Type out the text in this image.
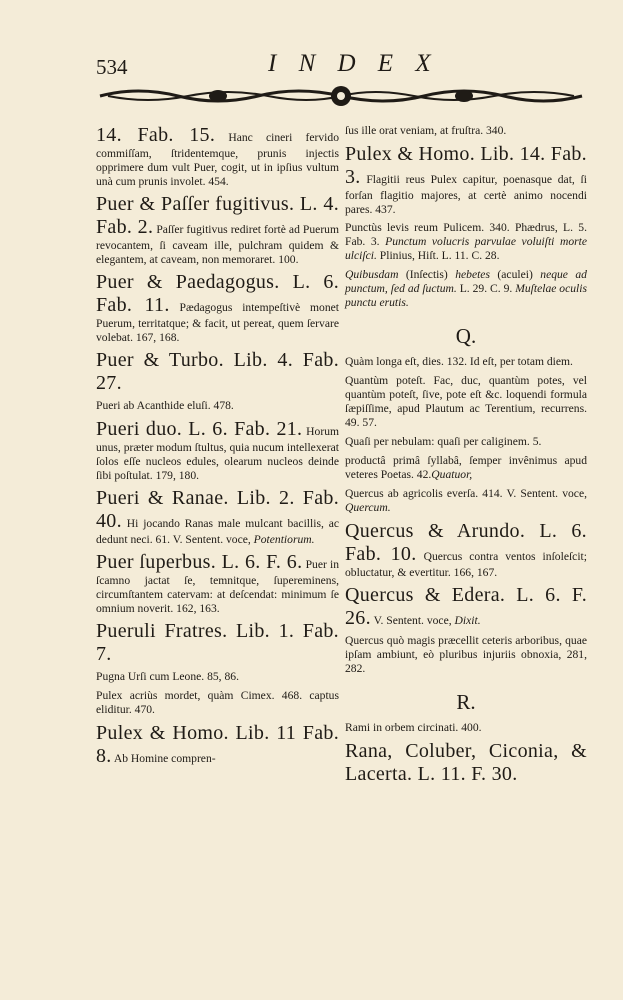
534	I N D E X
14. Fab. 15. Hanc cineri fervido commiſſam, ſtridentemque, prunis injectis opprimere dum vult Puer, cogit, ut in ipſius vultum unà cum prunis involet. 454.
Puer & Paſſer fugitivus. L. 4. Fab. 2. Paſſer fugitivus rediret fortè ad Puerum revocantem, ſi caveam ille, pulchram quidem & elegantem, at caveam, non memoraret. 100.
Puer & Paedagogus. L. 6. Fab. 11. Pædagogus intempeſtivè monet Puerum, territatque; & facit, ut pereat, quem ſervare volebat. 167, 168.
Puer & Turbo. Lib. 4. Fab. 27.
Pueri ab Acanthide eluſi. 478.
Pueri duo. L. 6. Fab. 21. Horum unus, præter modum ſtultus, quia nucum intellexerat ſolos eſſe nucleos edules, olearum nucleos deinde ſibi poſtulat. 179, 180.
Pueri & Ranae. Lib. 2. Fab. 40. Hi jocando Ranas male mulcant bacillis, ac dedunt neci. 61. V. Sentent. voce, Potentiorum.
Puer ſuperbus. L. 6. F. 6. Puer in ſcamno jactat ſe, temnitque, ſupereminens, circumſtantem catervam: at deſcendat: minimum ſe omnium noverit. 162, 163.
Pueruli Fratres. Lib. 1. Fab. 7.
Pugna Urſi cum Leone. 85, 86.
Pulex acriùs mordet, quàm Cimex. 468. captus eliditur. 470.
Pulex & Homo. Lib. 11 Fab. 8. Ab Homine compren-
ſus ille orat veniam, at fruſtra. 340.
Pulex & Homo. Lib. 14. Fab. 3. Flagitii reus Pulex capitur, poenasque dat, ſi forſan flagitio majores, at certè animo nocendi pares. 437.
Punctùs levis reum Pulicem. 340. Phædrus, L. 5. Fab. 3. Punctum volucris parvulae voluiſti morte ulciſci. Plinius, Hiſt. L. 11. C. 28.
Quibusdam (Inſectis) hebetes (aculei) neque ad punctum, ſed ad ſuctum. L. 29. C. 9. Muſtelae oculis punctu erutis.
Q.
Quàm longa eſt, dies. 132. Id eſt, per totam diem.
Quantùm poteſt. Fac, duc, quantùm potes, vel quantùm poteſt, ſive, pote eſt &c. loquendi formula ſæpiſſime, apud Plautum ac Terentium, recurrens. 49. 57.
Quaſi per nebulam: quaſi per caliginem. 5.
productâ primâ ſyllabâ, ſemper invênimus apud veteres Poetas. 42.Quatuor,
Quercus ab agricolis everſa. 414. V. Sentent. voce, Quercum.
Quercus & Arundo. L. 6. Fab. 10. Quercus contra ventos inſoleſcit; obluctatur, & evertitur. 166, 167.
Quercus & Edera. L. 6. F. 26. V. Sentent. voce, Dixit.
Quercus quò magis præcellit ceteris arboribus, quae ipſam ambiunt, eò pluribus injuriis obnoxia, 281, 282.
R.
Rami in orbem circinati. 400.
Rana, Coluber, Ciconia, & Lacerta. L. 11. F. 30.
